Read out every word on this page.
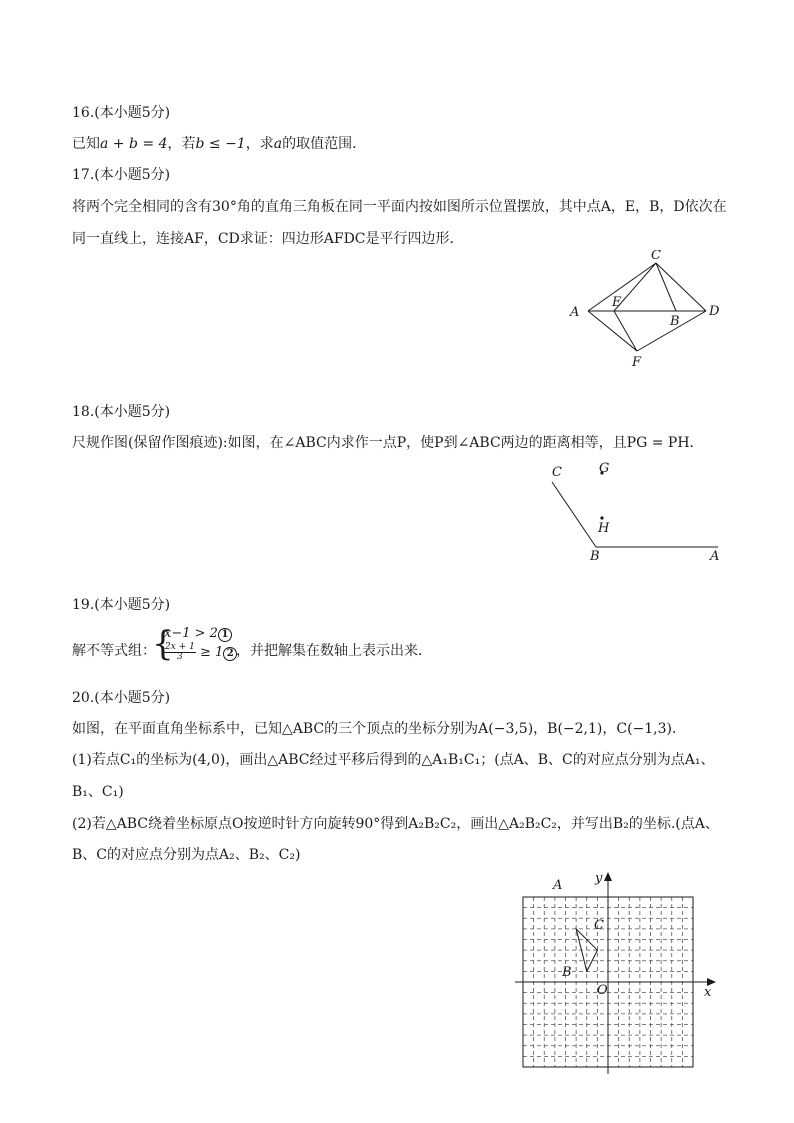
16.(本小题5分)
已知a + b = 4，若b ≤ −1，求a的取值范围．
17.(本小题5分)
将两个完全相同的含有30°角的直角三角板在同一平面内按如图所示位置摆放，其中点A，E，B，D依次在
同一直线上，连接AF，CD求证：四边形AFDC是平行四边形．
A
C
E
B
D
F
18.(本小题5分)
尺规作图(保留作图痕迹):如图，在∠ABC内求作一点P，使P到∠ABC两边的距离相等，且PG = PH．
C	G
H
B	A
19.(本小题5分)
解不等式组：
{
x−1 > 2 1
$\frac{2x + 1}{3} \ge 1$ 2 ，并把解集在数轴上表示出来．
20.(本小题5分)
如图，在平面直角坐标系中，已知△ABC的三个顶点的坐标分别为A(−3,5)，B(−2,1)，C(−1,3)．
(1)若点C₁的坐标为(4,0)，画出△ABC经过平移后得到的△A₁B₁C₁；(点A、B、C的对应点分别为点A₁、
B₁、C₁)
(2)若△ABC绕着坐标原点O按逆时针方向旋转90°得到A₂B₂C₂，画出△A₂B₂C₂，并写出B₂的坐标.(点A、
B、C的对应点分别为点A₂、B₂、C₂)
A
B
C
O	x
y
